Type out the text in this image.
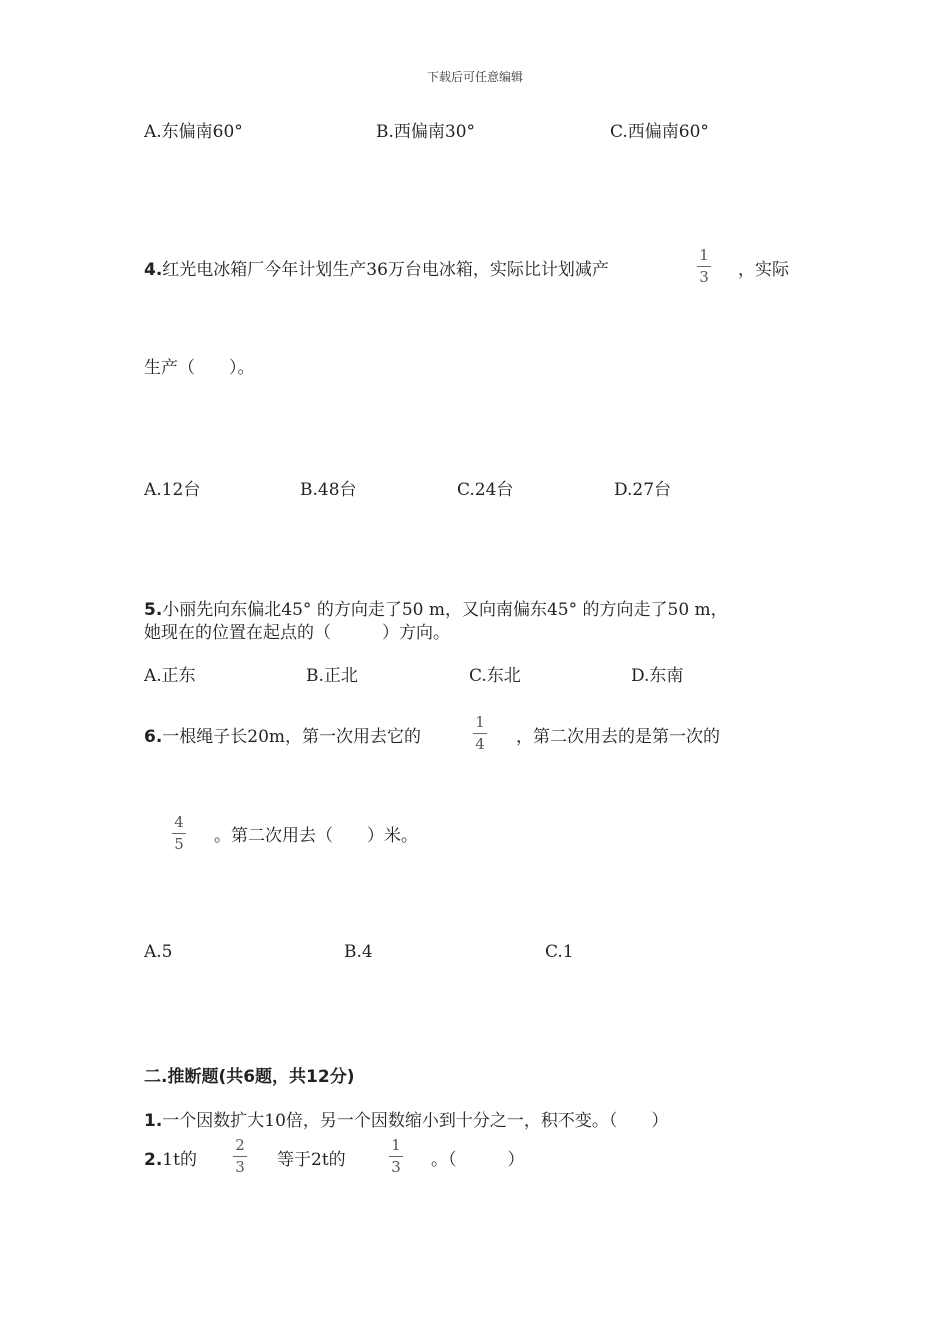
下载后可任意编辑
A.东偏南60°	B.西偏南30°	C.西偏南60°
4.红光电冰箱厂今年计划生产36万台电冰箱，实际比计划减产
1
3 ，实际
生产（　　）。
A.12台	B.48台	C.24台	D.27台
5.小丽先向东偏北45° 的方向走了50 m，又向南偏东45° 的方向走了50 m，
她现在的位置在起点的（　　　）方向。
A.正东	B.正北	C.东北	D.东南
6.一根绳子长20m，第一次用去它的
1
4 ，第二次用去的是第一次的
4
5 。第二次用去（　　）米。
A.5	B.4	C.1
二.推断题(共6题，共12分)
1.一个因数扩大10倍，另一个因数缩小到十分之一，积不变。（　　）
2.1t的
2
3 等于2t的
1
3 。（　　　）
